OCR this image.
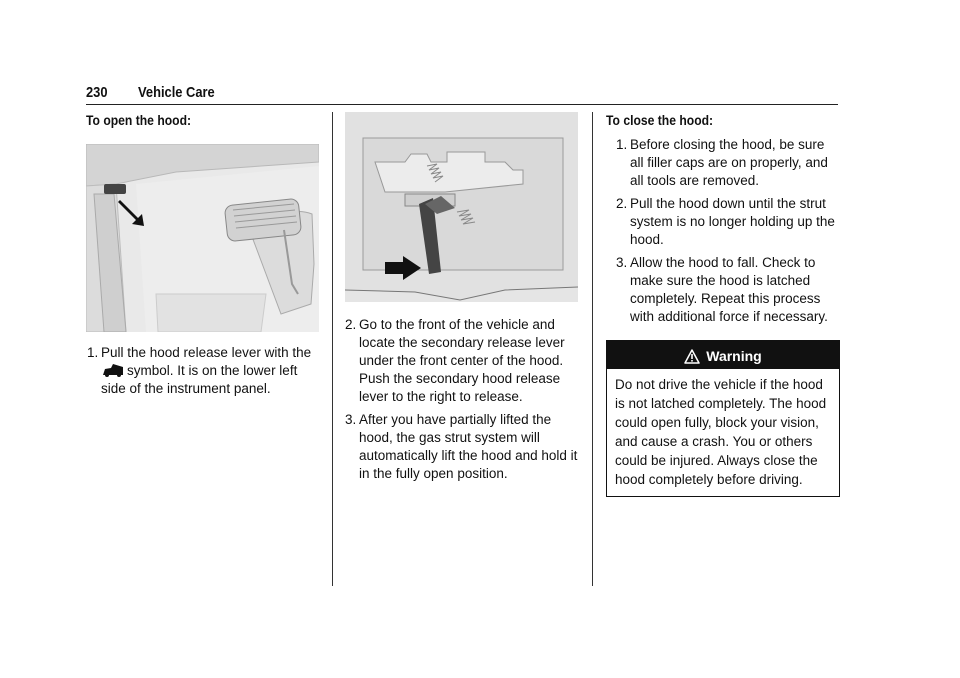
230 Vehicle Care
To open the hood:
1. Pull the hood release lever with the
symbol. It is on the lower left side of the instrument panel.
2. Go to the front of the vehicle and locate the secondary release lever under the front center of the hood. Push the secondary hood release lever to the right to release.
3. After you have partially lifted the hood, the gas strut system will automatically lift the hood and hold it in the fully open position.
To close the hood:
1. Before closing the hood, be sure all filler caps are on properly, and all tools are removed.
2. Pull the hood down until the strut system is no longer holding up the hood.
3. Allow the hood to fall. Check to make sure the hood is latched completely. Repeat this process with additional force if necessary.
Warning
Do not drive the vehicle if the hood is not latched completely. The hood could open fully, block your vision, and cause a crash. You or others could be injured. Always close the hood completely before driving.
